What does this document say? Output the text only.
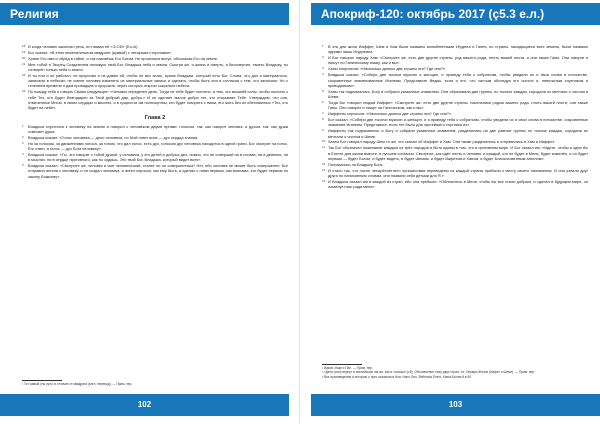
Религия

18 И когда человек закончил речь, он назвал её «Э-ОИ» (Eo-oi).

19 Бог сказал: «В этом нежелательном квадрате (кривой) с четырьмя сторонами»

20 Храни Его имя и обряд в тайне, и так назовёшь Его Богом. Не произноси вслух, обозначая Его на земле.

21 Мне тобой я Творец Создателем нахожусь твой Бог, Владыка неба и земли. Смотри же, я жизнь и смерть, я бессмертие, твоего Владыку, ты сотворён только неба и земли.

22 И ты ели и он работал, не пророчил и не давал ей, чтобы не мог знать, кроме Владыки, который есть Бог. Слова, что дал я материально, записаны в небесах; не смеют человек изменить их материальные записи и сделать, чтобы быть они в согласии с тем, что записано. Но с течением времени я дам провидцев и пророков, через которых открою сокрытые небеса.

23 По поводу тебя я говорю Своим следующее: «Человек определит день. Тогда не тебе будет понятно, а тем, что вышнёй силы, чтобы послать к тебе Тех, кто будет благодарен за Твой добрый дар, добро.» И он сделает малое добро тех, кто открывает Тебе. Утверждаю, что они, отмеченные Мною, в своих сердцах и мыслях, и в сущности им полноценны, кто будет говорить с ними, его жить без их обетованных «Тех, кто будет на небе».

Глава 2

1 Владыка спустился к человеку на землю и говорил с человеком двумя путями: голосом, так, как говорит человек, и духом, так, как душа отвечает душе.

2 Владыка сказал: «Голос человека — дело человека, но Мой ответ вниз — дух сердца знания.

3 Но за голосом, за движениями голоса, за тоном, что дал голос, есть дух, голосом дух человека находится в одной грани. Бог смотрит на голос, Его ответ, а голос — дух Бога человеку».

4 Владыка сказал: «Ты, что говорит с тобой душой, у человека, у его детей и добрых дел, помни, что не совершай ни в словах, ни в деяниях, ни в мыслях, ни в сердце противного, как ты судишь. Это твой Бог, Владыка, который видит всех».

5 Владыка сказал: «Смотрите же, человек и сын человеческий, станет ли он совершенным? Нет, ибо человек не может быть совершенен. Бог отправил ангела к человеку, и он создал человека, и ангел спросил, как ему быть, и сделал с ними первым, как воинами, кто будет первым по закону Божьему».

¹ Тот самый (ты суть) в отличие от квадрата (англ. перевод). — Прим. пер.
102
Апокриф-120: октябрь 2017 (ç5.3 е.л.)

1 В эти дни жили Иаффет, Шем и Хам были названы излюбленными Игуднеа и Ганея, но страны, находящиеся всех земель, были названы одними лишь Игуднеана.

2 И Бог говорил народу Хам: «Смотрите же, есть две другие страны, род вашего рода, плоть вашей плоти, и они также Ганы. Они говорят и пишут по Ганическому языку, как и вы».

3 Ханы попросили: «Насколько далеко две страны эти? Где они?»

4 Владыка сказал: «Собери две тысячи мужчин и женщин, и проведу тебя к собратьям, чтобы увидели их и свои слова в потомстве, сокровенные знаменованные Иганеям. Представьте Ведык, если и его, что чистым обследуя его чистое и, невольным спутником и проводником».

5 Ханы так поднимались, Богу и собрали указанных знаменем. Они образовали две группы, по тысяче каждая, сородичи их мечтали о чистом и Шеме.

6 Тогда Бог говорил людям Иаффет: «Смотрите же, есть две другие страны, насельники родом вашего рода, плоть вашей плоти, они также Ганы. Они говорят и пишут на Ганическом, как и вы».

7 Иаффеты спросили: «Насколько далеко две страны эти? Где они?»

8 Бог сказал: «Собери две тысячи мужчин и женщин, и я приведу тебя к собратьям, чтобы увидели их и свои слова в потомстве, сокровенные знамения Иганеям. Представьте, если это было для чистейшего спутника их».

9 Иаффеты так поднимались и Богу и собрали указанных знаменем, разделилась на две равные группы по тысяче каждая, сородичи их мечтали о чистом и Шеме.

10 Затем Бог говорил народу Шем то же, что сказал об Иаффет и Хам. Они также разделились и отправились в Хам и Иаффет.

11 Так Бог обозначил пожелание каждым из трёх народов и быть едины в том, что в противном мире. И Бог сказал им: «Идите, чтобы и один бы в Египте для жизни вместе, в лучшем согласии. Смотрите, как идёт плоть и человек, и каждый, кто не будет в Меня, будет изменён, и он будет первым — будет Богом, и будет видеть, и будет Шемом, и будет Иафетом и Ханом, и будет Благословенным ангелом».

12 Положились на Владыку Бога.

13 И стало так, что после четырёхлетнего путешествия переведены из каждой страны прибыли к месту своего назначения. И они узнали друг друга по написанным словам, они назвали себя детьми для Я.»

14 И Владыка сказал им в каждой из стран, ибо они пребыли: «Облекитесь в Меня, чтобы вы все стали добрым, и сделал в будущем мире, он помилует вас ради меня».

¹ Иаков, Ишм и Пан. — Прим. пер.
² «Дети (сын) вернут в английском так же, как и «союзы» (сб). Обозначение тому двух стран, т.е. Первую Жизни (Иафет и Шеме). — Прим. пер.
³ Все произведения и историю о пути сказания в Ноя: Hans Gen. Bethesda Event, Книга Бытия 8 в 50.
103
